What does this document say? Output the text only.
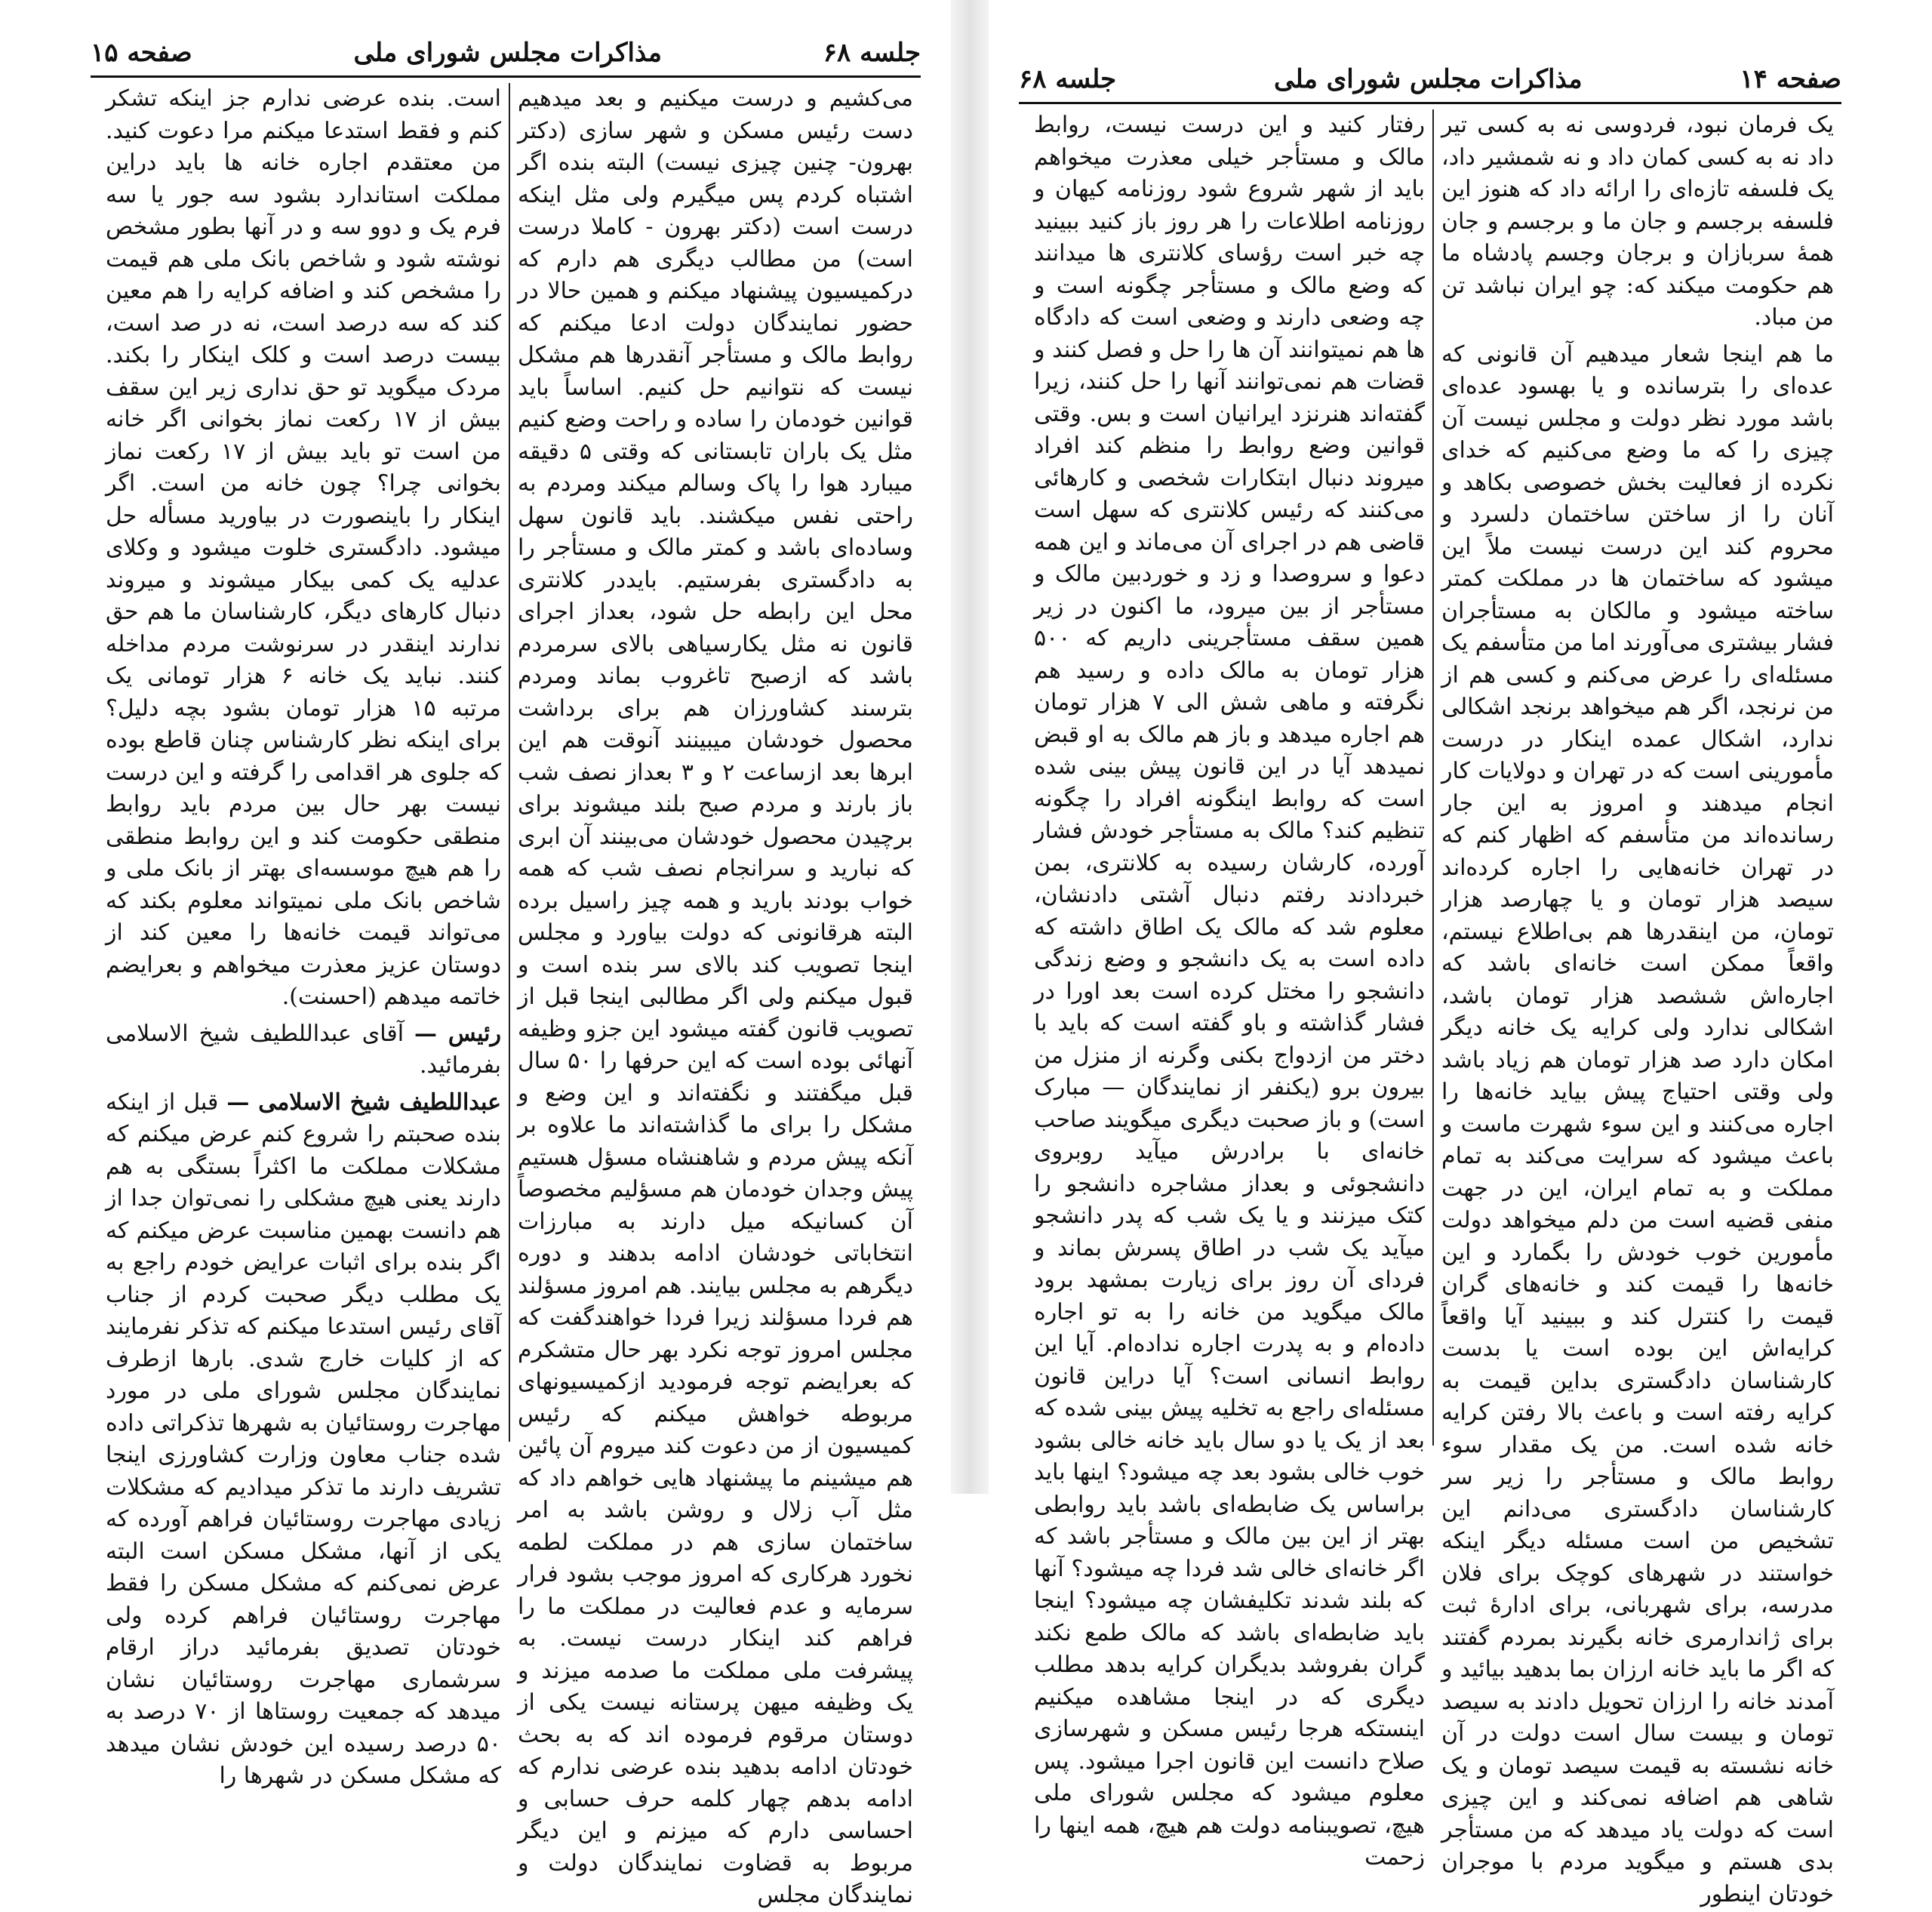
صفحه ۱۵	مذاکرات مجلس شورای ملی	جلسه ۶۸

می‌کشیم و درست میکنیم و بعد میدهیم دست رئیس مسکن و شهر سازی (دکتر بهرون- چنین چیزی نیست) البته بنده اگر اشتباه کردم پس میگیرم ولی مثل اینکه درست است (دکتر بهرون - کاملا درست است) من مطالب دیگری هم دارم که درکمیسیون پیشنهاد میکنم و همین حالا در حضور نمایندگان دولت ادعا میکنم که روابط مالک و مستأجر آنقدرها هم مشکل نیست که نتوانیم حل کنیم. اساساً باید قوانین خودمان را ساده و راحت وضع کنیم مثل یک باران تابستانی که وقتی ۵ دقیقه میبارد هوا را پاک وسالم میکند ومردم به راحتی نفس میکشند. باید قانون سهل وساده‌ای باشد و کمتر مالک و مستأجر را به دادگستری بفرستیم. بایددر کلانتری محل این رابطه حل شود، بعداز اجرای قانون نه مثل یکارسیاهی بالای سرمردم باشد که ازصبح تاغروب بماند ومردم بترسند کشاورزان هم برای برداشت محصول خودشان میبینند آنوقت هم این ابرها بعد ازساعت ۲ و ۳ بعداز نصف شب باز بارند و مردم صبح بلند میشوند برای برچیدن محصول خودشان می‌بینند آن ابری که نبارید و سرانجام نصف شب که همه خواب بودند بارید و همه چیز راسیل برده البته هرقانونی که دولت بیاورد و مجلس اینجا تصویب کند بالای سر بنده است و قبول میکنم ولی اگر مطالبی اینجا قبل از تصویب قانون گفته میشود این جزو وظیفه آنهائی بوده است که این حرفها را ۵۰ سال قبل میگفتند و نگفته‌اند و این وضع و مشکل را برای ما گذاشته‌اند ما علاوه بر آنکه پیش مردم و شاهنشاه مسؤل هستیم پیش وجدان خودمان هم مسؤلیم مخصوصاً آن کسانیکه میل دارند به مبارزات انتخاباتی خودشان ادامه بدهند و دوره دیگرهم به مجلس بیایند. هم امروز مسؤلند هم فردا مسؤلند زیرا فردا خواهندگفت که مجلس امروز توجه نکرد بهر حال متشکرم که بعرایضم توجه فرمودید ازکمیسیونهای مربوطه خواهش میکنم که رئیس کمیسیون از من دعوت کند میروم آن پائین هم میشینم ما پیشنهاد هایی خواهم داد که مثل آب زلال و روشن باشد به امر ساختمان سازی هم در مملکت لطمه نخورد هرکاری که امروز موجب بشود فرار سرمایه و عدم فعالیت در مملکت ما را فراهم کند اینکار درست نیست. به پیشرفت ملی مملکت ما صدمه میزند و یک وظیفه میهن پرستانه نیست یکی از دوستان مرقوم فرموده اند که به بحث خودتان ادامه بدهید بنده عرضی ندارم که ادامه بدهم چهار کلمه حرف حسابی و احساسی دارم که میزنم و این دیگر مربوط به قضاوت نمایندگان دولت و نمایندگان مجلس

است. بنده عرضی ندارم جز اینکه تشکر کنم و فقط استدعا میکنم مرا دعوت کنید. من معتقدم اجاره خانه ها باید دراین مملکت استاندارد بشود سه جور یا سه فرم یک و دوو سه و در آنها بطور مشخص نوشته شود و شاخص بانک ملی هم قیمت را مشخص کند و اضافه کرایه را هم معین کند که سه درصد است، نه در صد است، بیست درصد است و کلک اینکار را بکند. مردک میگوید تو حق نداری زیر این سقف بیش از ۱۷ رکعت نماز بخوانی اگر خانه من است تو باید بیش از ۱۷ رکعت نماز بخوانی چرا؟ چون خانه من است. اگر اینکار را باینصورت در بیاورید مسأله حل میشود. دادگستری خلوت میشود و وکلای عدلیه یک کمی بیکار میشوند و میروند دنبال کارهای دیگر، کارشناسان ما هم حق ندارند اینقدر در سرنوشت مردم مداخله کنند. نباید یک خانه ۶ هزار تومانی یک مرتبه ۱۵ هزار تومان بشود بچه دلیل؟ برای اینکه نظر کارشناس چنان قاطع بوده که جلوی هر اقدامی را گرفته و این درست نیست بهر حال بین مردم باید روابط منطقی حکومت کند و این روابط منطقی را هم هیچ موسسه‌ای بهتر از بانک ملی و شاخص بانک ملی نمیتواند معلوم بکند که می‌تواند قیمت خانه‌ها را معین کند از دوستان عزیز معذرت میخواهم و بعرایضم خاتمه میدهم (احسنت).

رئیس — آقای عبداللطیف شیخ الاسلامی بفرمائید.

عبداللطیف شیخ الاسلامی — قبل از اینکه بنده صحبتم را شروع کنم عرض میکنم که مشکلات مملکت ما اکثراً بستگی به هم دارند یعنی هیچ مشکلی را نمی‌توان جدا از هم دانست بهمین مناسبت عرض میکنم که اگر بنده برای اثبات عرایض خودم راجع به یک مطلب دیگر صحبت کردم از جناب آقای رئیس استدعا میکنم که تذکر نفرمایند که از کلیات خارج شدی. بارها ازطرف نمایندگان مجلس شورای ملی در مورد مهاجرت روستائیان به شهرها تذکراتی داده شده جناب معاون وزارت کشاورزی اینجا تشریف دارند ما تذکر میدادیم که مشکلات زیادی مهاجرت روستائیان فراهم آورده که یکی از آنها، مشکل مسکن است البته عرض نمی‌کنم که مشکل مسکن را فقط مهاجرت روستائیان فراهم کرده ولی خودتان تصدیق بفرمائید دراز ارقام سرشماری مهاجرت روستائیان نشان میدهد که جمعیت روستاها از ۷۰ درصد به ۵۰ درصد رسیده این خودش نشان میدهد که مشکل مسکن در شهرها را

جلسه ۶۸	مذاکرات مجلس شورای ملی	صفحه ۱۴

یک فرمان نبود، فردوسی نه به کسی تیر داد نه به کسی کمان داد و نه شمشیر داد، یک فلسفه تازه‌ای را ارائه داد که هنوز این فلسفه برجسم و جان ما و برجسم و جان همهٔ سربازان و برجان وجسم پادشاه ما هم حکومت میکند که: چو ایران نباشد تن من مباد.

ما هم اینجا شعار میدهیم آن قانونی که عده‌ای را بترسانده و یا بهسود عده‌ای باشد مورد نظر دولت و مجلس نیست آن چیزی را که ما وضع می‌کنیم که خدای نکرده از فعالیت بخش خصوصی بکاهد و آنان را از ساختن ساختمان دلسرد و محروم کند این درست نیست ملاً این میشود که ساختمان ها در مملکت کمتر ساخته میشود و مالکان به مستأجران فشار بیشتری می‌آورند اما من متأسفم یک مسئله‌ای را عرض می‌کنم و کسی هم از من نرنجد، اگر هم میخواهد برنجد اشکالی ندارد، اشکال عمده اینکار در درست مأمورینی است که در تهران و دولایات کار انجام میدهند و امروز به این جار رسانده‌اند من متأسفم که اظهار کنم که در تهران خانه‌هایی را اجاره کرده‌اند سیصد هزار تومان و یا چهارصد هزار تومان، من اینقدرها هم بی‌اطلاع نیستم، واقعاً ممکن است خانه‌ای باشد که اجاره‌اش ششصد هزار تومان باشد، اشکالی ندارد ولی کرایه یک خانه دیگر امکان دارد صد هزار تومان هم زیاد باشد ولی وقتی احتیاج پیش بیاید خانه‌ها را اجاره می‌کنند و این سوء شهرت ماست و باعث میشود که سرایت می‌کند به تمام مملکت و به تمام ایران، این در جهت منفی قضیه است من دلم میخواهد دولت مأمورین خوب خودش را بگمارد و این خانه‌ها را قیمت کند و خانه‌های گران قیمت را کنترل کند و ببینید آیا واقعاً کرایه‌اش این بوده است یا بدست کارشناسان دادگستری بداین قیمت به کرایه رفته است و باعث بالا رفتن کرایه خانه شده است. من یک مقدار سوء روابط مالک و مستأجر را زیر سر کارشناسان دادگستری می‌دانم این تشخیص من است مسئله دیگر اینکه خواستند در شهرهای کوچک برای فلان مدرسه، برای شهربانی، برای ادارهٔ ثبت برای ژاندارمری خانه بگیرند بمردم گفتند که اگر ما باید خانه ارزان بما بدهید بیائید و آمدند خانه را ارزان تحویل دادند به سیصد تومان و بیست سال است دولت در آن خانه نشسته به قیمت سیصد تومان و یک شاهی هم اضافه نمی‌کند و این چیزی است که دولت یاد میدهد که من مستأجر بدی هستم و میگوید مردم با موجران خودتان اینطور

رفتار کنید و این درست نیست، روابط مالک و مستأجر خیلی معذرت میخواهم باید از شهر شروع شود روزنامه کیهان و روزنامه اطلاعات را هر روز باز کنید ببینید چه خبر است رؤسای کلانتری ها میدانند که وضع مالک و مستأجر چگونه است و چه وضعی دارند و وضعی است که دادگاه ها هم نمیتوانند آن ها را حل و فصل کنند و قضات هم نمی‌توانند آنها را حل کنند، زیرا گفته‌اند هنرنزد ایرانیان است و بس. وقتی قوانین وضع روابط را منظم کند افراد میروند دنبال ابتکارات شخصی و کارهائی می‌کنند که رئیس کلانتری که سهل است قاضی هم در اجرای آن می‌ماند و این همه دعوا و سروصدا و زد و خوردبین مالک و مستأجر از بین میرود، ما اکنون در زیر همین سقف مستأجرینی داریم که ۵۰۰ هزار تومان به مالک داده و رسید هم نگرفته و ماهی شش الی ۷ هزار تومان هم اجاره میدهد و باز هم مالک به او قبض نمیدهد آیا در این قانون پیش بینی شده است که روابط اینگونه افراد را چگونه تنظیم کند؟ مالک به مستأجر خودش فشار آورده، کارشان رسیده به کلانتری، بمن خبردادند رفتم دنبال آشتی دادنشان، معلوم شد که مالک یک اطاق داشته که داده است به یک دانشجو و وضع زندگی دانشجو را مختل کرده است بعد اورا در فشار گذاشته و باو گفته است که باید با دختر من ازدواج بکنی وگرنه از منزل من بیرون برو (یکنفر از نمایندگان — مبارک است) و باز صحبت دیگری میگویند صاحب خانه‌ای با برادرش میآید روبروی دانشجوئی و بعداز مشاجره دانشجو را کتک میزنند و یا یک شب که پدر دانشجو میآید یک شب در اطاق پسرش بماند و فردای آن روز برای زیارت بمشهد برود مالک میگوید من خانه را به تو اجاره داده‌ام و به پدرت اجاره نداده‌ام. آیا این روابط انسانی است؟ آیا دراین قانون مسئله‌ای راجع به تخلیه پیش بینی شده که بعد از یک یا دو سال باید خانه خالی بشود خوب خالی بشود بعد چه میشود؟ اینها باید براساس یک ضابطه‌ای باشد باید روابطی بهتر از این بین مالک و مستأجر باشد که اگر خانه‌ای خالی شد فردا چه میشود؟ آنها که بلند شدند تکلیفشان چه میشود؟ اینجا باید ضابطه‌ای باشد که مالک طمع نکند گران بفروشد بدیگران کرایه بدهد مطلب دیگری که در اینجا مشاهده میکنیم اینستکه هرجا رئیس مسکن و شهرسازی صلاح دانست این قانون اجرا میشود. پس معلوم میشود که مجلس شورای ملی هیچ، تصویبنامه دولت هم هیچ، همه اینها را زحمت
